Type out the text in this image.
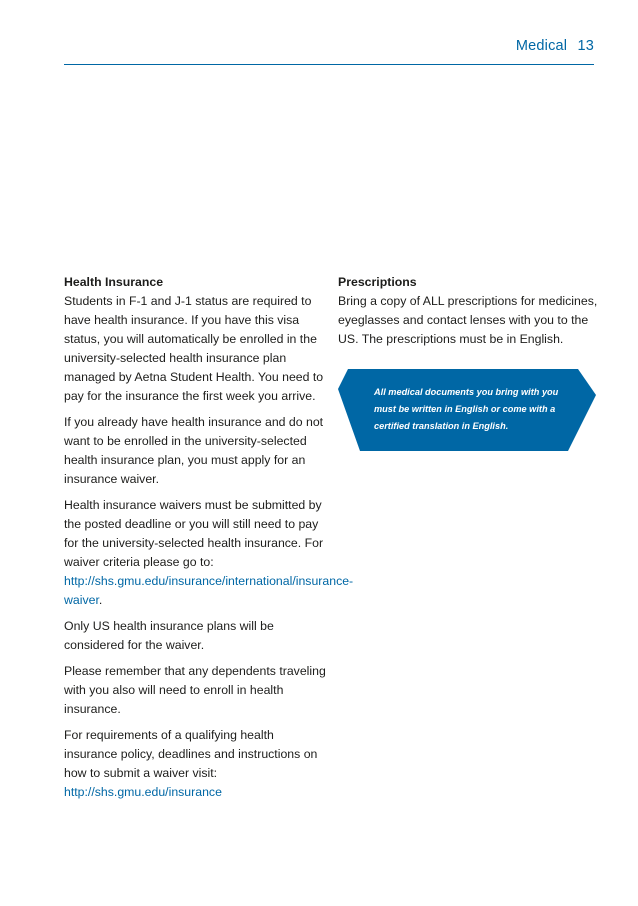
Medical 13
Health Insurance

Students in F-1 and J-1 status are required to have health insurance. If you have this visa status, you will automatically be enrolled in the university-selected health insurance plan managed by Aetna Student Health. You need to pay for the insurance the first week you arrive.

If you already have health insurance and do not want to be enrolled in the university-selected health insurance plan, you must apply for an insurance waiver.

Health insurance waivers must be submitted by the posted deadline or you will still need to pay for the university-selected health insurance. For waiver criteria please go to: http://shs.gmu.edu/insurance/international/insurance-waiver.

Only US health insurance plans will be considered for the waiver.

Please remember that any dependents traveling with you also will need to enroll in health insurance.

For requirements of a qualifying health insurance policy, deadlines and instructions on how to submit a waiver visit: http://shs.gmu.edu/insurance

Prescriptions

Bring a copy of ALL prescriptions for medicines, eyeglasses and contact lenses with you to the US. The prescriptions must be in English.

All medical documents you bring with you must be written in English or come with a certified translation in English.
